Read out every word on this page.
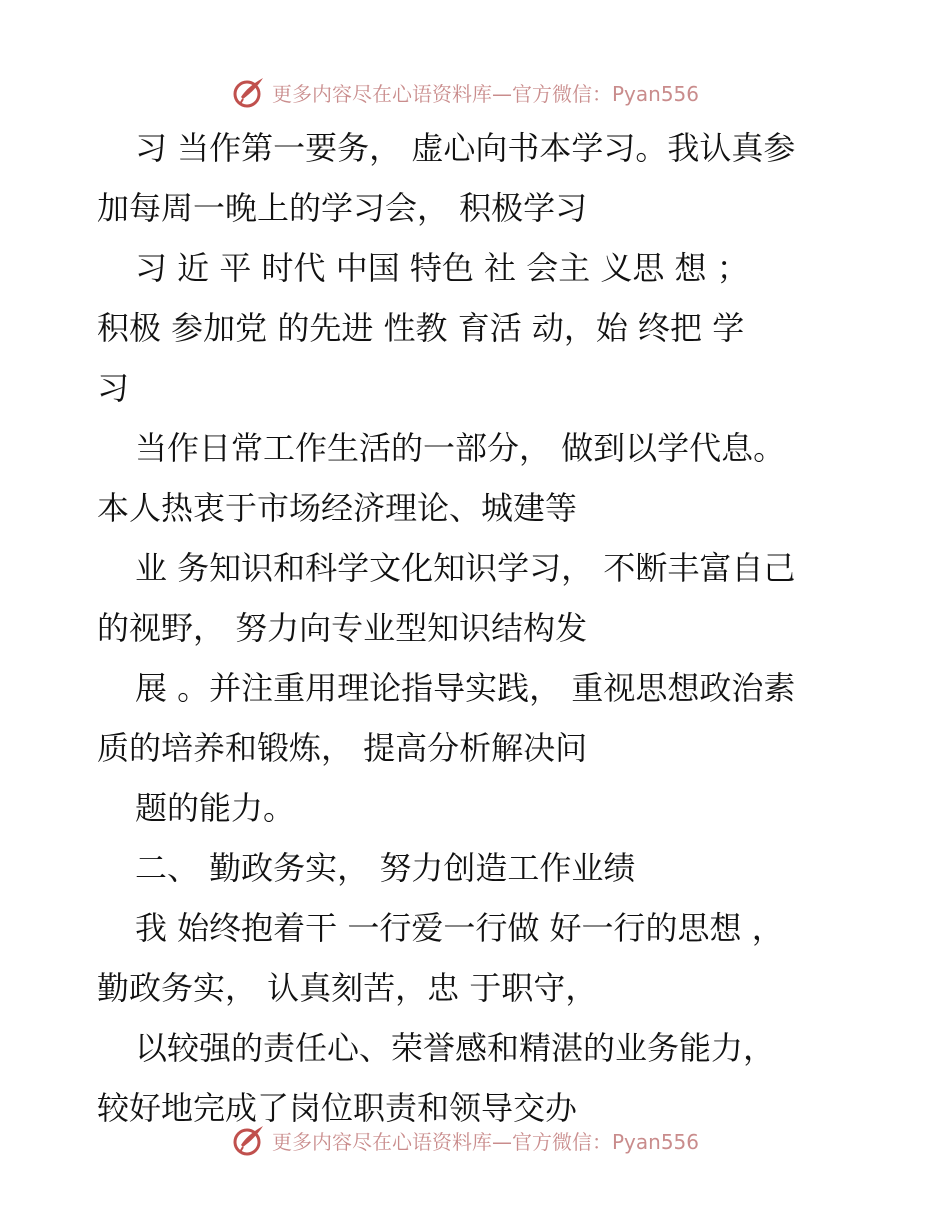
更多内容尽在心语资料库—官方微信：Pyan556
习 当作第一要务， 虚心向书本学习。我认真参
加每周一晚上的学习会， 积极学习
习 近 平 时代 中国 特色 社 会主 义思 想 ；
积极 参加党 的先进 性教 育活 动，始 终把 学
习
当作日常工作生活的一部分， 做到以学代息。
本人热衷于市场经济理论、城建等
业 务知识和科学文化知识学习， 不断丰富自己
的视野， 努力向专业型知识结构发
展 。并注重用理论指导实践， 重视思想政治素
质的培养和锻炼， 提高分析解决问
题的能力。
二、 勤政务实， 努力创造工作业绩
我 始终抱着干 一行爱一行做 好一行的思想 ，
勤政务实， 认真刻苦，忠 于职守，
以较强的责任心、荣誉感和精湛的业务能力，
较好地完成了岗位职责和领导交办
更多内容尽在心语资料库—官方微信：Pyan556
